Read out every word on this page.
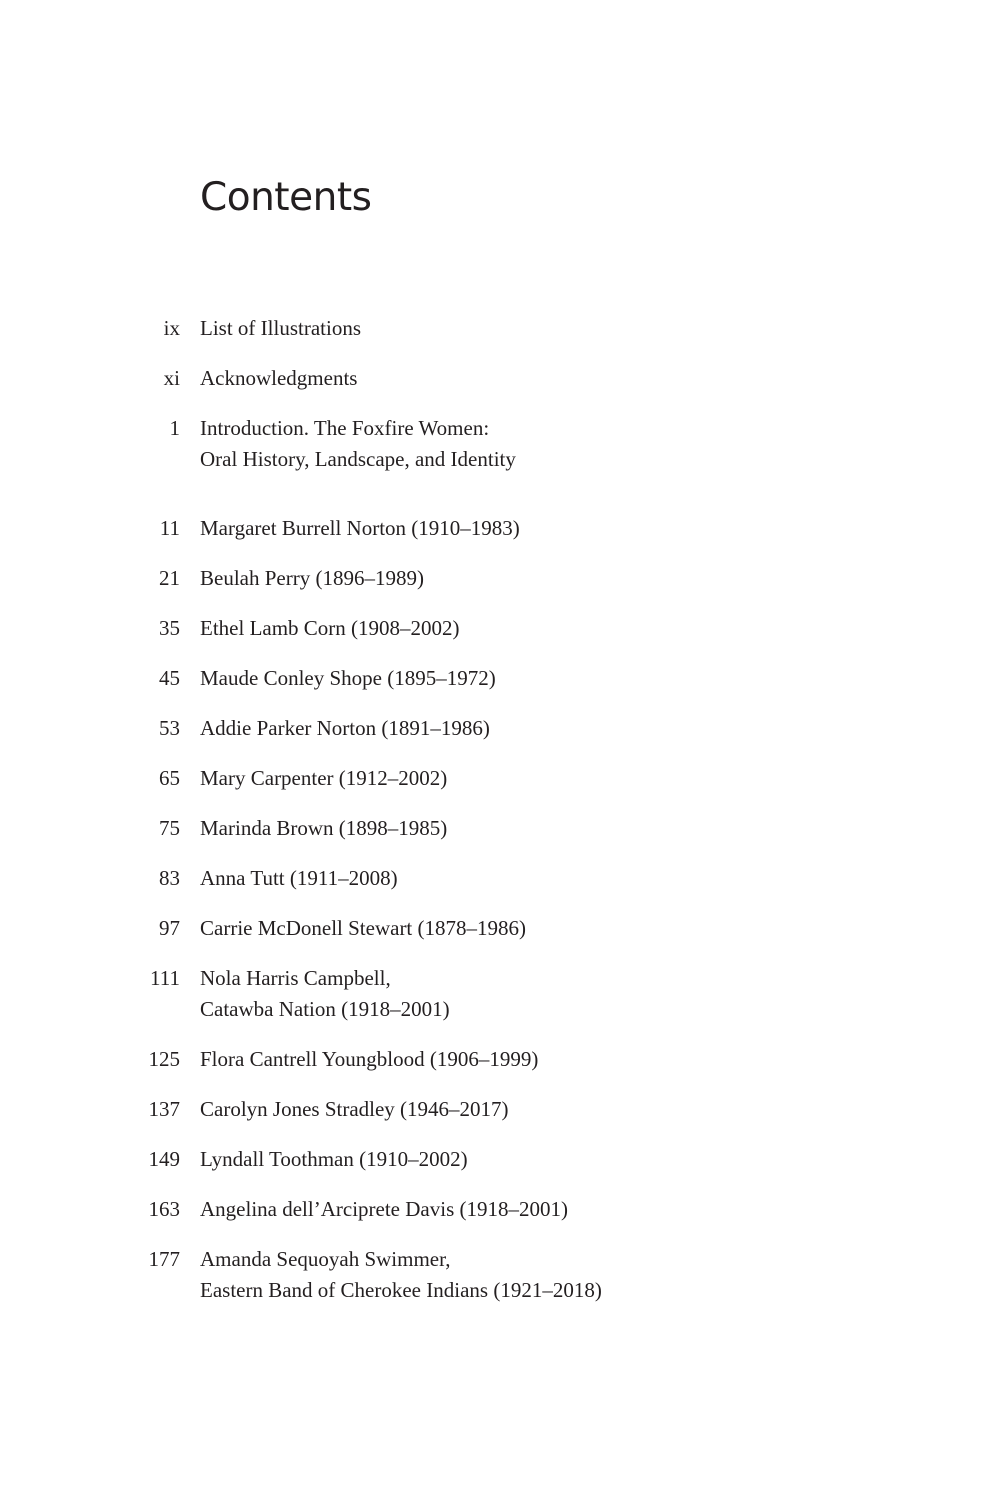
Contents
ix List of Illustrations
xi Acknowledgments
1 Introduction. The Foxfire Women:
Oral History, Landscape, and Identity
11 Margaret Burrell Norton (1910–1983)
21 Beulah Perry (1896–1989)
35 Ethel Lamb Corn (1908–2002)
45 Maude Conley Shope (1895–1972)
53 Addie Parker Norton (1891–1986)
65 Mary Carpenter (1912–2002)
75 Marinda Brown (1898–1985)
83 Anna Tutt (1911–2008)
97 Carrie McDonell Stewart (1878–1986)
111 Nola Harris Campbell,
Catawba Nation (1918–2001)
125 Flora Cantrell Youngblood (1906–1999)
137 Carolyn Jones Stradley (1946–2017)
149 Lyndall Toothman (1910–2002)
163 Angelina dell’Arciprete Davis (1918–2001)
177 Amanda Sequoyah Swimmer,
Eastern Band of Cherokee Indians (1921–2018)
